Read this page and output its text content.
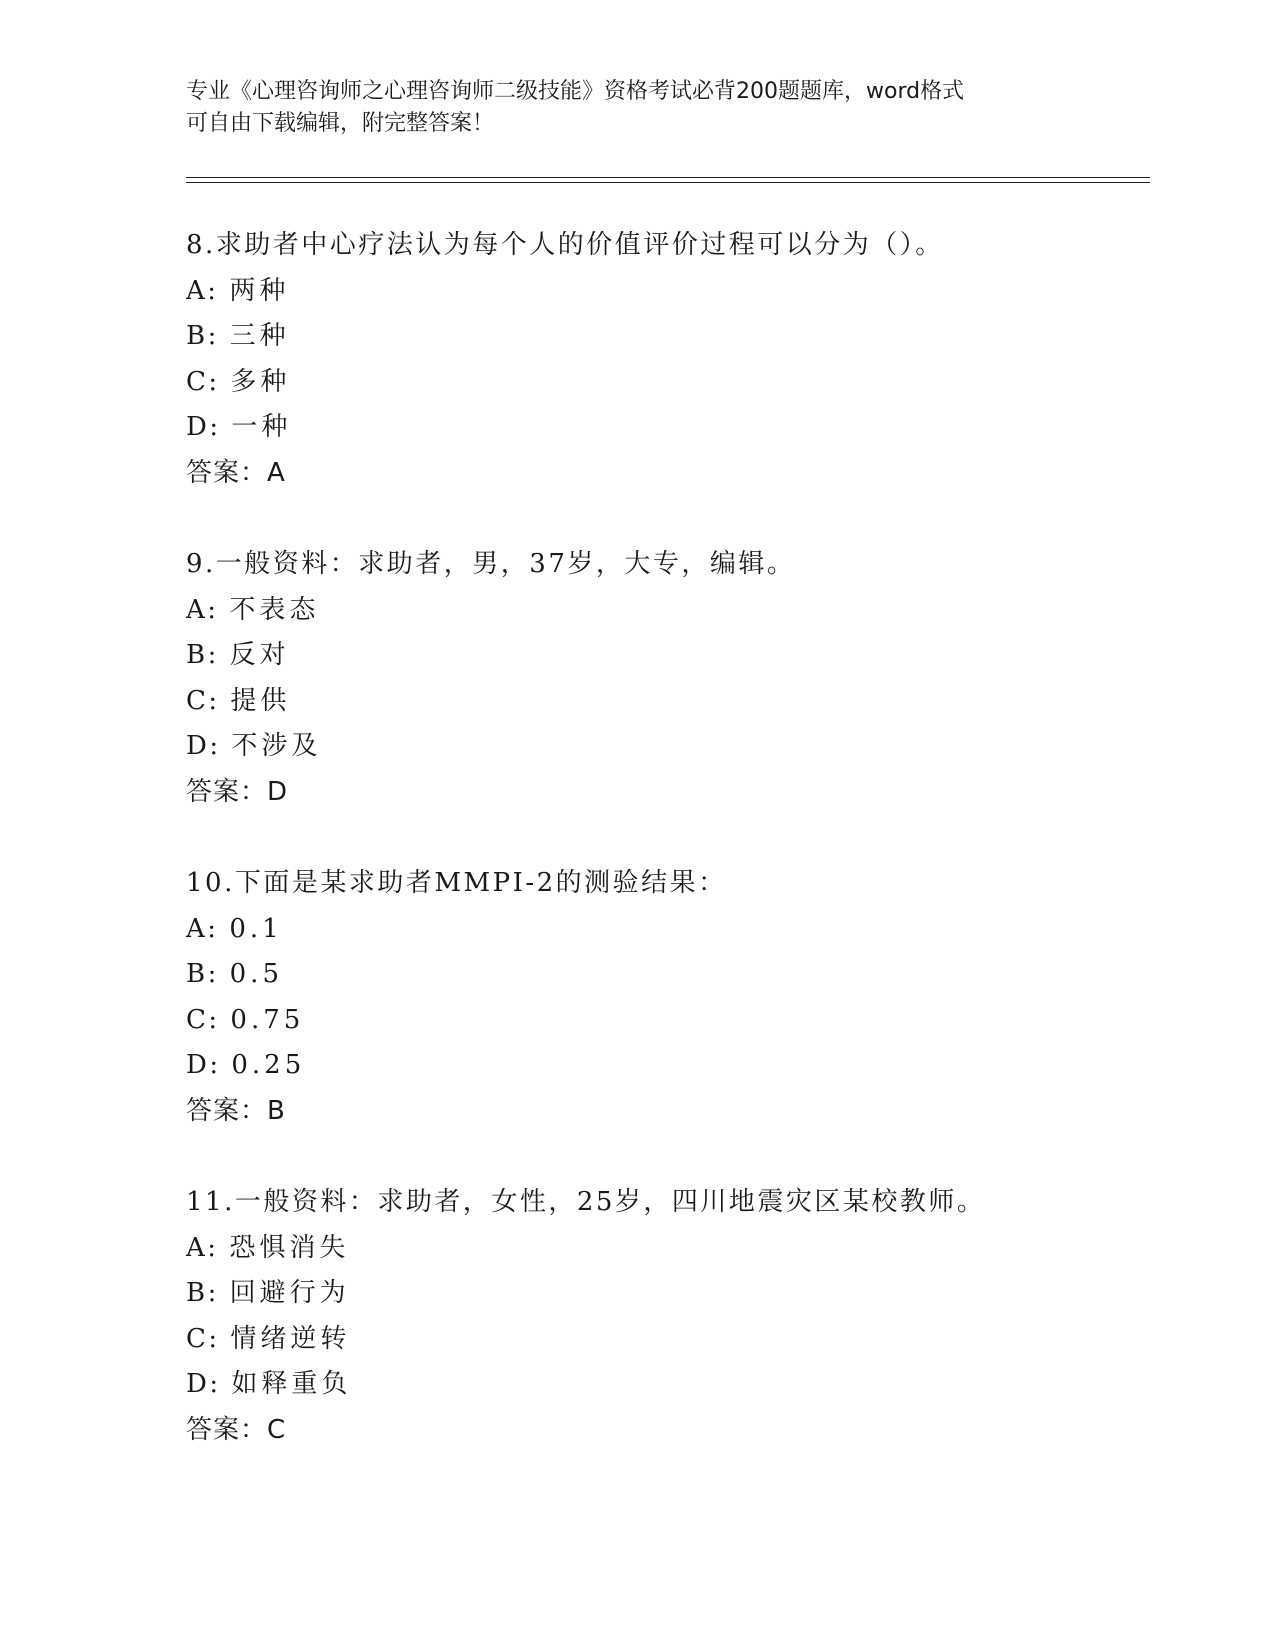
专业《心理咨询师之心理咨询师二级技能》资格考试必背200题题库，word格式
可自由下载编辑，附完整答案！
8.求助者中心疗法认为每个人的价值评价过程可以分为（）。
A: 两种
B: 三种
C: 多种
D: 一种
答案：A
9.一般资料：求助者，男，37岁，大专，编辑。
A: 不表态
B: 反对
C: 提供
D: 不涉及
答案：D
10.下面是某求助者MMPI-2的测验结果：
A: 0.1
B: 0.5
C: 0.75
D: 0.25
答案：B
11.一般资料：求助者，女性，25岁，四川地震灾区某校教师。
A: 恐惧消失
B: 回避行为
C: 情绪逆转
D: 如释重负
答案：C
